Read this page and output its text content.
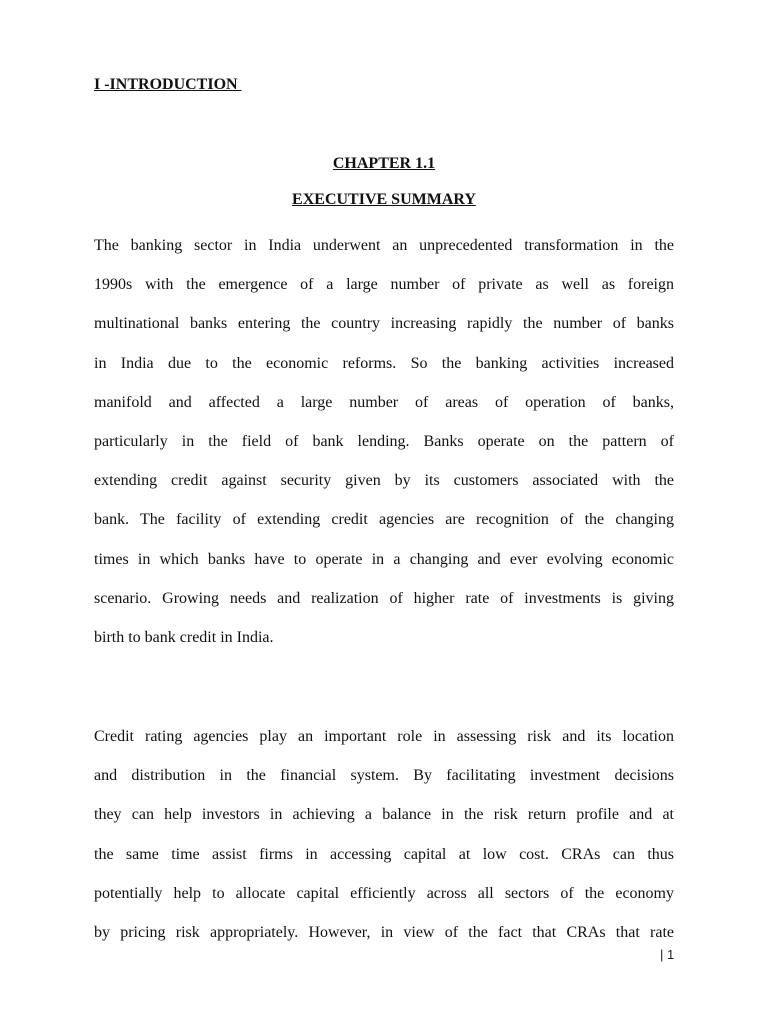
I -INTRODUCTION
CHAPTER 1.1
EXECUTIVE SUMMARY

The banking sector in India underwent an unprecedented transformation in the
1990s with the emergence of a large number of private as well as foreign
multinational banks entering the country increasing rapidly the number of banks
in India due to the economic reforms. So the banking activities increased
manifold and affected a large number of areas of operation of banks,
particularly in the field of bank lending. Banks operate on the pattern of
extending credit against security given by its customers associated with the
bank. The facility of extending credit agencies are recognition of the changing
times in which banks have to operate in a changing and ever evolving economic
scenario. Growing needs and realization of higher rate of investments is giving
birth to bank credit in India.

Credit rating agencies play an important role in assessing risk and its location
and distribution in the financial system. By facilitating investment decisions
they can help investors in achieving a balance in the risk return profile and at
the same time assist firms in accessing capital at low cost. CRAs can thus
potentially help to allocate capital efficiently across all sectors of the economy
by pricing risk appropriately. However, in view of the fact that CRAs that rate

| 1
